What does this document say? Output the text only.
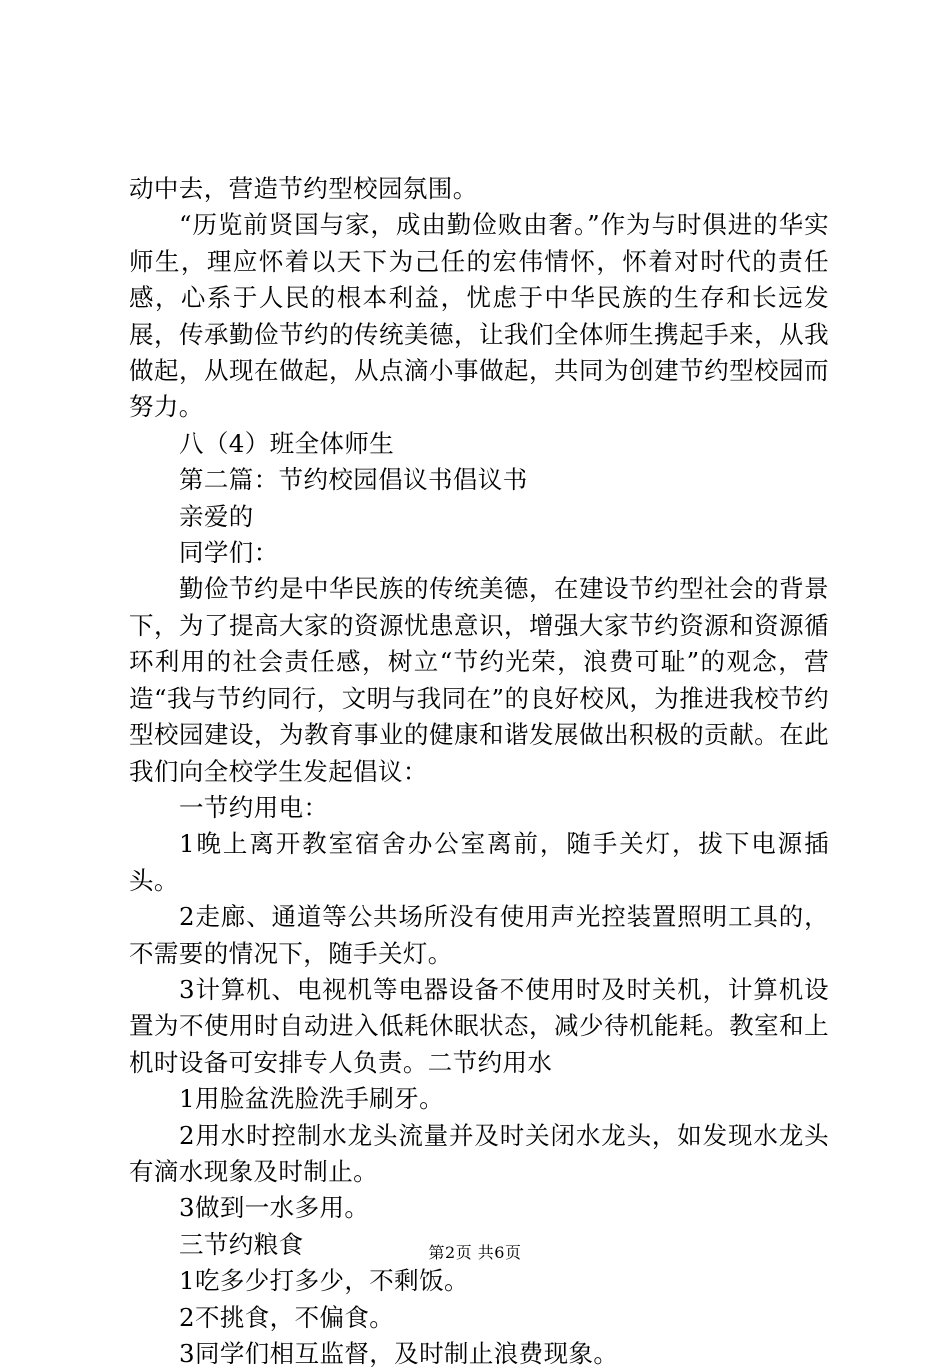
动中去，营造节约型校园氛围。

“历览前贤国与家，成由勤俭败由奢。”作为与时俱进的华实师生，理应怀着以天下为己任的宏伟情怀，怀着对时代的责任感，心系于人民的根本利益，忧虑于中华民族的生存和长远发展，传承勤俭节约的传统美德，让我们全体师生携起手来，从我做起，从现在做起，从点滴小事做起，共同为创建节约型校园而努力。

八（4）班全体师生

第二篇：节约校园倡议书倡议书

亲爱的

同学们：

勤俭节约是中华民族的传统美德，在建设节约型社会的背景下，为了提高大家的资源忧患意识，增强大家节约资源和资源循环利用的社会责任感，树立“节约光荣，浪费可耻”的观念，营造“我与节约同行，文明与我同在”的良好校风，为推进我校节约型校园建设，为教育事业的健康和谐发展做出积极的贡献。在此我们向全校学生发起倡议：

一节约用电：

1晚上离开教室宿舍办公室离前，随手关灯，拔下电源插头。

2走廊、通道等公共场所没有使用声光控装置照明工具的，不需要的情况下，随手关灯。

3计算机、电视机等电器设备不使用时及时关机，计算机设置为不使用时自动进入低耗休眠状态，减少待机能耗。教室和上机时设备可安排专人负责。二节约用水

1用脸盆洗脸洗手刷牙。

2用水时控制水龙头流量并及时关闭水龙头，如发现水龙头有滴水现象及时制止。

3做到一水多用。

三节约粮食

1吃多少打多少，不剩饭。

2不挑食，不偏食。

3同学们相互监督，及时制止浪费现象。

第2页 共6页
